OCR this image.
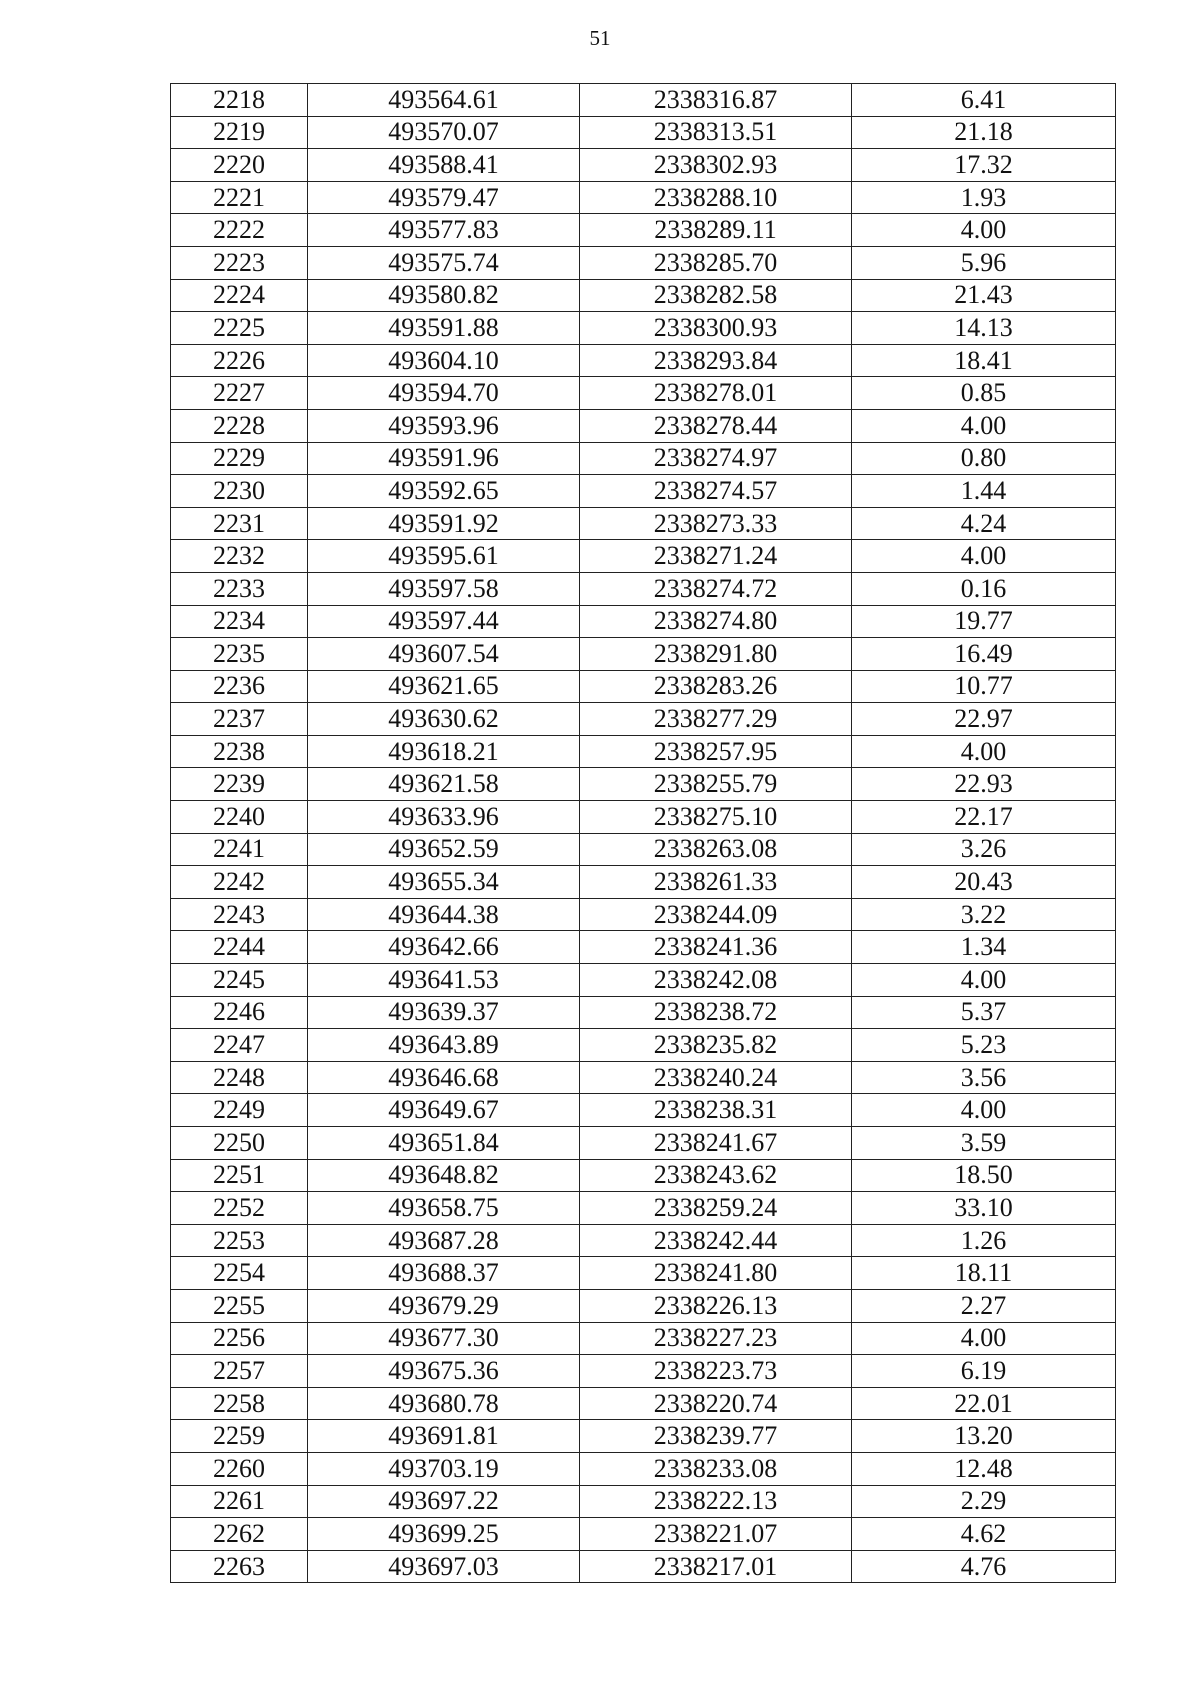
51
2218	493564.61	2338316.87	6.41
2219	493570.07	2338313.51	21.18
2220	493588.41	2338302.93	17.32
2221	493579.47	2338288.10	1.93
2222	493577.83	2338289.11	4.00
2223	493575.74	2338285.70	5.96
2224	493580.82	2338282.58	21.43
2225	493591.88	2338300.93	14.13
2226	493604.10	2338293.84	18.41
2227	493594.70	2338278.01	0.85
2228	493593.96	2338278.44	4.00
2229	493591.96	2338274.97	0.80
2230	493592.65	2338274.57	1.44
2231	493591.92	2338273.33	4.24
2232	493595.61	2338271.24	4.00
2233	493597.58	2338274.72	0.16
2234	493597.44	2338274.80	19.77
2235	493607.54	2338291.80	16.49
2236	493621.65	2338283.26	10.77
2237	493630.62	2338277.29	22.97
2238	493618.21	2338257.95	4.00
2239	493621.58	2338255.79	22.93
2240	493633.96	2338275.10	22.17
2241	493652.59	2338263.08	3.26
2242	493655.34	2338261.33	20.43
2243	493644.38	2338244.09	3.22
2244	493642.66	2338241.36	1.34
2245	493641.53	2338242.08	4.00
2246	493639.37	2338238.72	5.37
2247	493643.89	2338235.82	5.23
2248	493646.68	2338240.24	3.56
2249	493649.67	2338238.31	4.00
2250	493651.84	2338241.67	3.59
2251	493648.82	2338243.62	18.50
2252	493658.75	2338259.24	33.10
2253	493687.28	2338242.44	1.26
2254	493688.37	2338241.80	18.11
2255	493679.29	2338226.13	2.27
2256	493677.30	2338227.23	4.00
2257	493675.36	2338223.73	6.19
2258	493680.78	2338220.74	22.01
2259	493691.81	2338239.77	13.20
2260	493703.19	2338233.08	12.48
2261	493697.22	2338222.13	2.29
2262	493699.25	2338221.07	4.62
2263	493697.03	2338217.01	4.76
